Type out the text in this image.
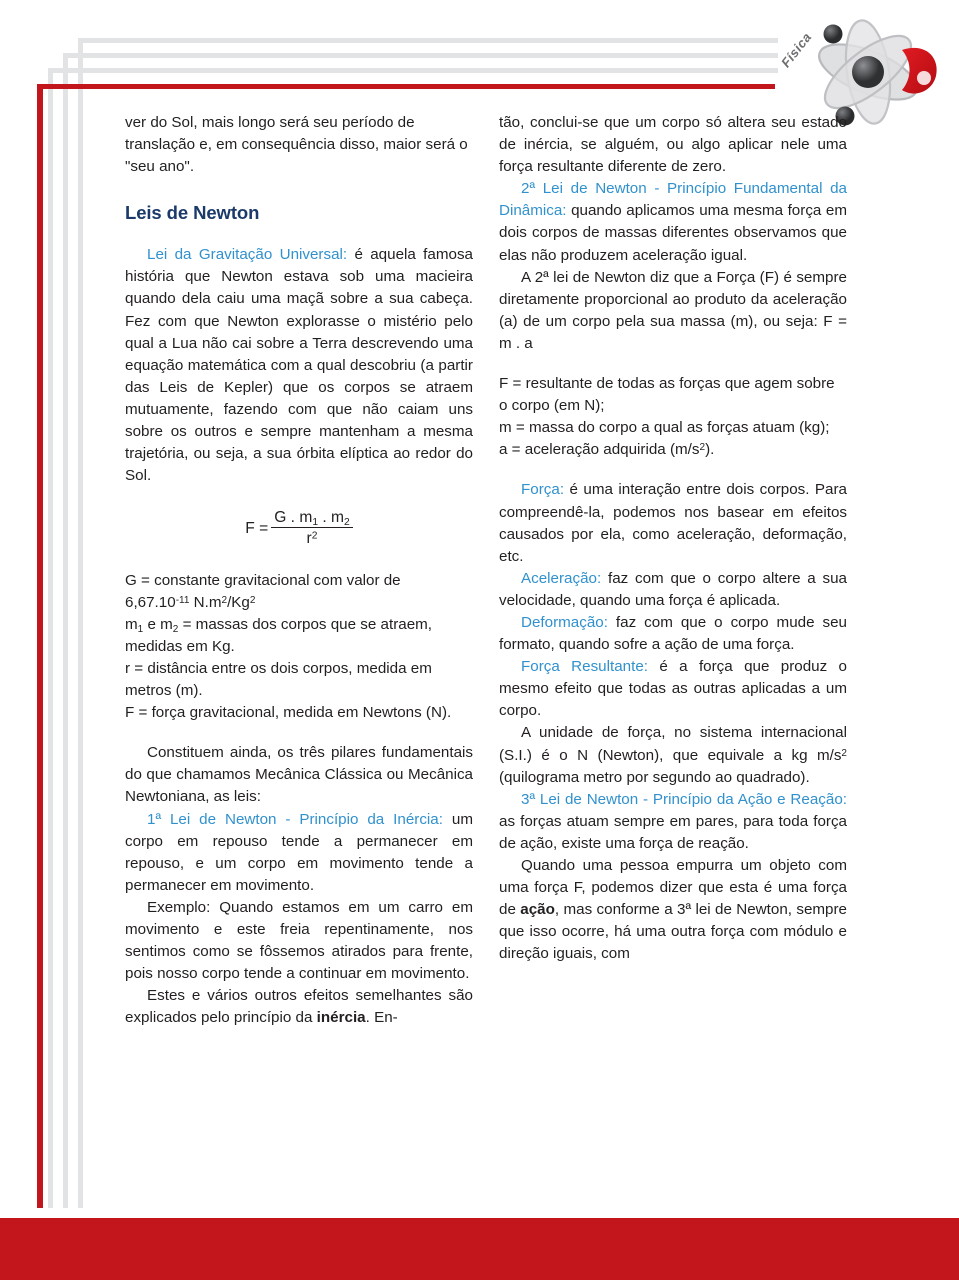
Física

ver do Sol, mais longo será seu período de translação e, em consequência disso, maior será o "seu ano".

Leis de Newton

Lei da Gravitação Universal: é aquela famosa história que Newton estava sob uma macieira quando dela caiu uma maçã sobre a sua cabeça. Fez com que Newton explorasse o mistério pelo qual a Lua não cai sobre a Terra descrevendo uma equação matemática com a qual descobriu (a partir das Leis de Kepler) que os corpos se atraem mutuamente, fazendo com que não caiam uns sobre os outros e sempre mantenham a mesma trajetória, ou seja, a sua órbita elíptica ao redor do Sol.

$F = \frac{G . m_1 . m_2}{r^2}$

G = constante gravitacional com valor de
$6,67.10^{-11}$ $N.m^2/Kg^2$

$m_1$ e $m_2$ = massas dos corpos que se atraem, medidas em Kg.

r = distância entre os dois corpos, medida em metros (m).

F = força gravitacional, medida em Newtons (N).

Constituem ainda, os três pilares fundamentais do que chamamos Mecânica Clássica ou Mecânica Newtoniana, as leis:

1ª Lei de Newton - Princípio da Inércia: um corpo em repouso tende a permanecer em repouso, e um corpo em movimento tende a permanecer em movimento.

Exemplo: Quando estamos em um carro em movimento e este freia repentinamente, nos sentimos como se fôssemos atirados para frente, pois nosso corpo tende a continuar em movimento.

Estes e vários outros efeitos semelhantes são explicados pelo princípio da inércia. En-

tão, conclui-se que um corpo só altera seu estado de inércia, se alguém, ou algo aplicar nele uma força resultante diferente de zero.

2ª Lei de Newton - Princípio Fundamental da Dinâmica: quando aplicamos uma mesma força em dois corpos de massas diferentes observamos que elas não produzem aceleração igual.

A 2ª lei de Newton diz que a Força (F) é sempre diretamente proporcional ao produto da aceleração (a) de um corpo pela sua massa (m), ou seja: F = m . a

F = resultante de todas as forças que agem sobre o corpo (em N);

m = massa do corpo a qual as forças atuam (kg);

a = aceleração adquirida $(m/s^2)$.

Força: é uma interação entre dois corpos. Para compreendê-la, podemos nos basear em efeitos causados por ela, como aceleração, deformação, etc.

Aceleração: faz com que o corpo altere a sua velocidade, quando uma força é aplicada.

Deformação: faz com que o corpo mude seu formato, quando sofre a ação de uma força.

Força Resultante: é a força que produz o mesmo efeito que todas as outras aplicadas a um corpo.

A unidade de força, no sistema internacional (S.I.) é o N (Newton), que equivale a kg $m/s^2$ (quilograma metro por segundo ao quadrado).

3ª Lei de Newton - Princípio da Ação e Reação: as forças atuam sempre em pares, para toda força de ação, existe uma força de reação.

Quando uma pessoa empurra um objeto com uma força F, podemos dizer que esta é uma força de ação, mas conforme a 3ª lei de Newton, sempre que isso ocorre, há uma outra força com módulo e direção iguais, com
